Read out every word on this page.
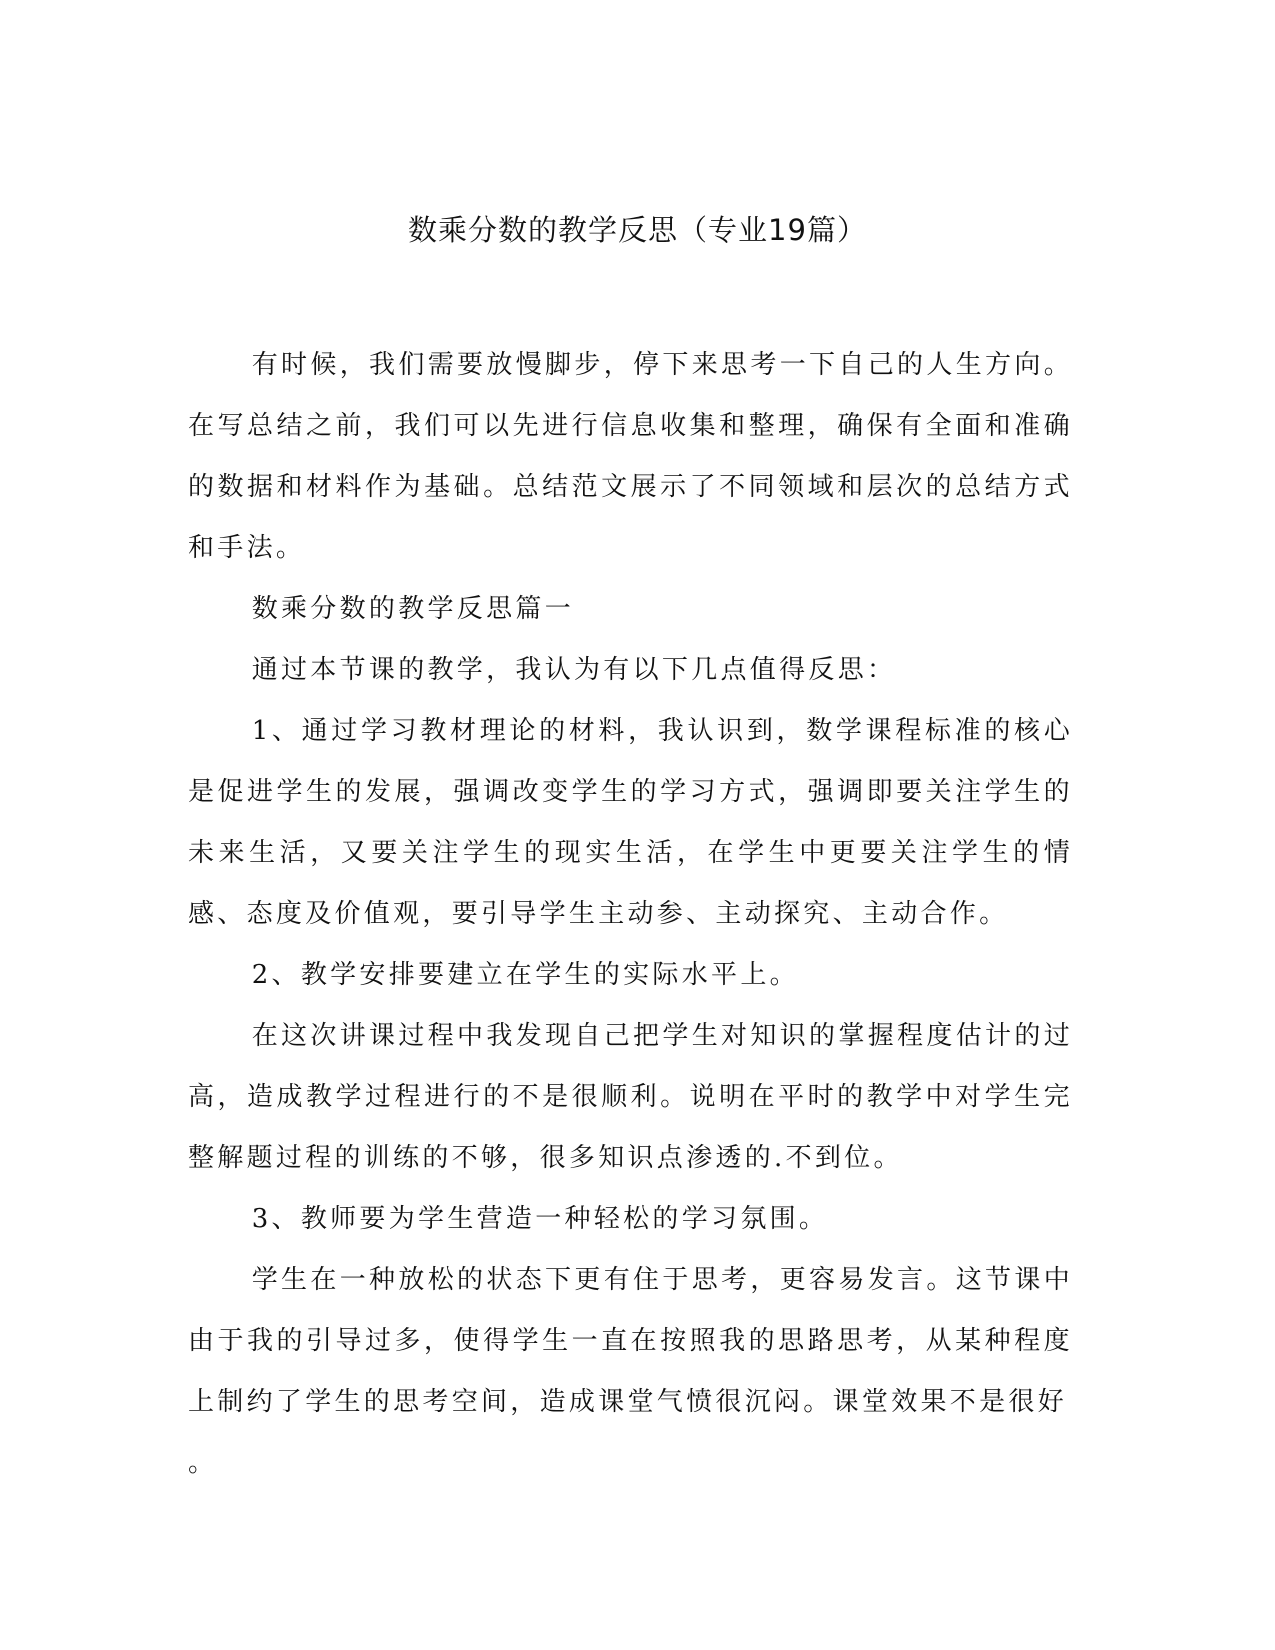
数乘分数的教学反思（专业19篇）

有时候，我们需要放慢脚步，停下来思考一下自己的人生方向。在写总结之前，我们可以先进行信息收集和整理，确保有全面和准确的数据和材料作为基础。总结范文展示了不同领域和层次的总结方式和手法。

数乘分数的教学反思篇一

通过本节课的教学，我认为有以下几点值得反思：

1、通过学习教材理论的材料，我认识到，数学课程标准的核心是促进学生的发展，强调改变学生的学习方式，强调即要关注学生的未来生活，又要关注学生的现实生活，在学生中更要关注学生的情感、态度及价值观，要引导学生主动参、主动探究、主动合作。

2、教学安排要建立在学生的实际水平上。

在这次讲课过程中我发现自己把学生对知识的掌握程度估计的过高，造成教学过程进行的不是很顺利。说明在平时的教学中对学生完整解题过程的训练的不够，很多知识点渗透的.不到位。

3、教师要为学生营造一种轻松的学习氛围。

学生在一种放松的状态下更有住于思考，更容易发言。这节课中由于我的引导过多，使得学生一直在按照我的思路思考，从某种程度上制约了学生的思考空间，造成课堂气愤很沉闷。课堂效果不是很好

。
